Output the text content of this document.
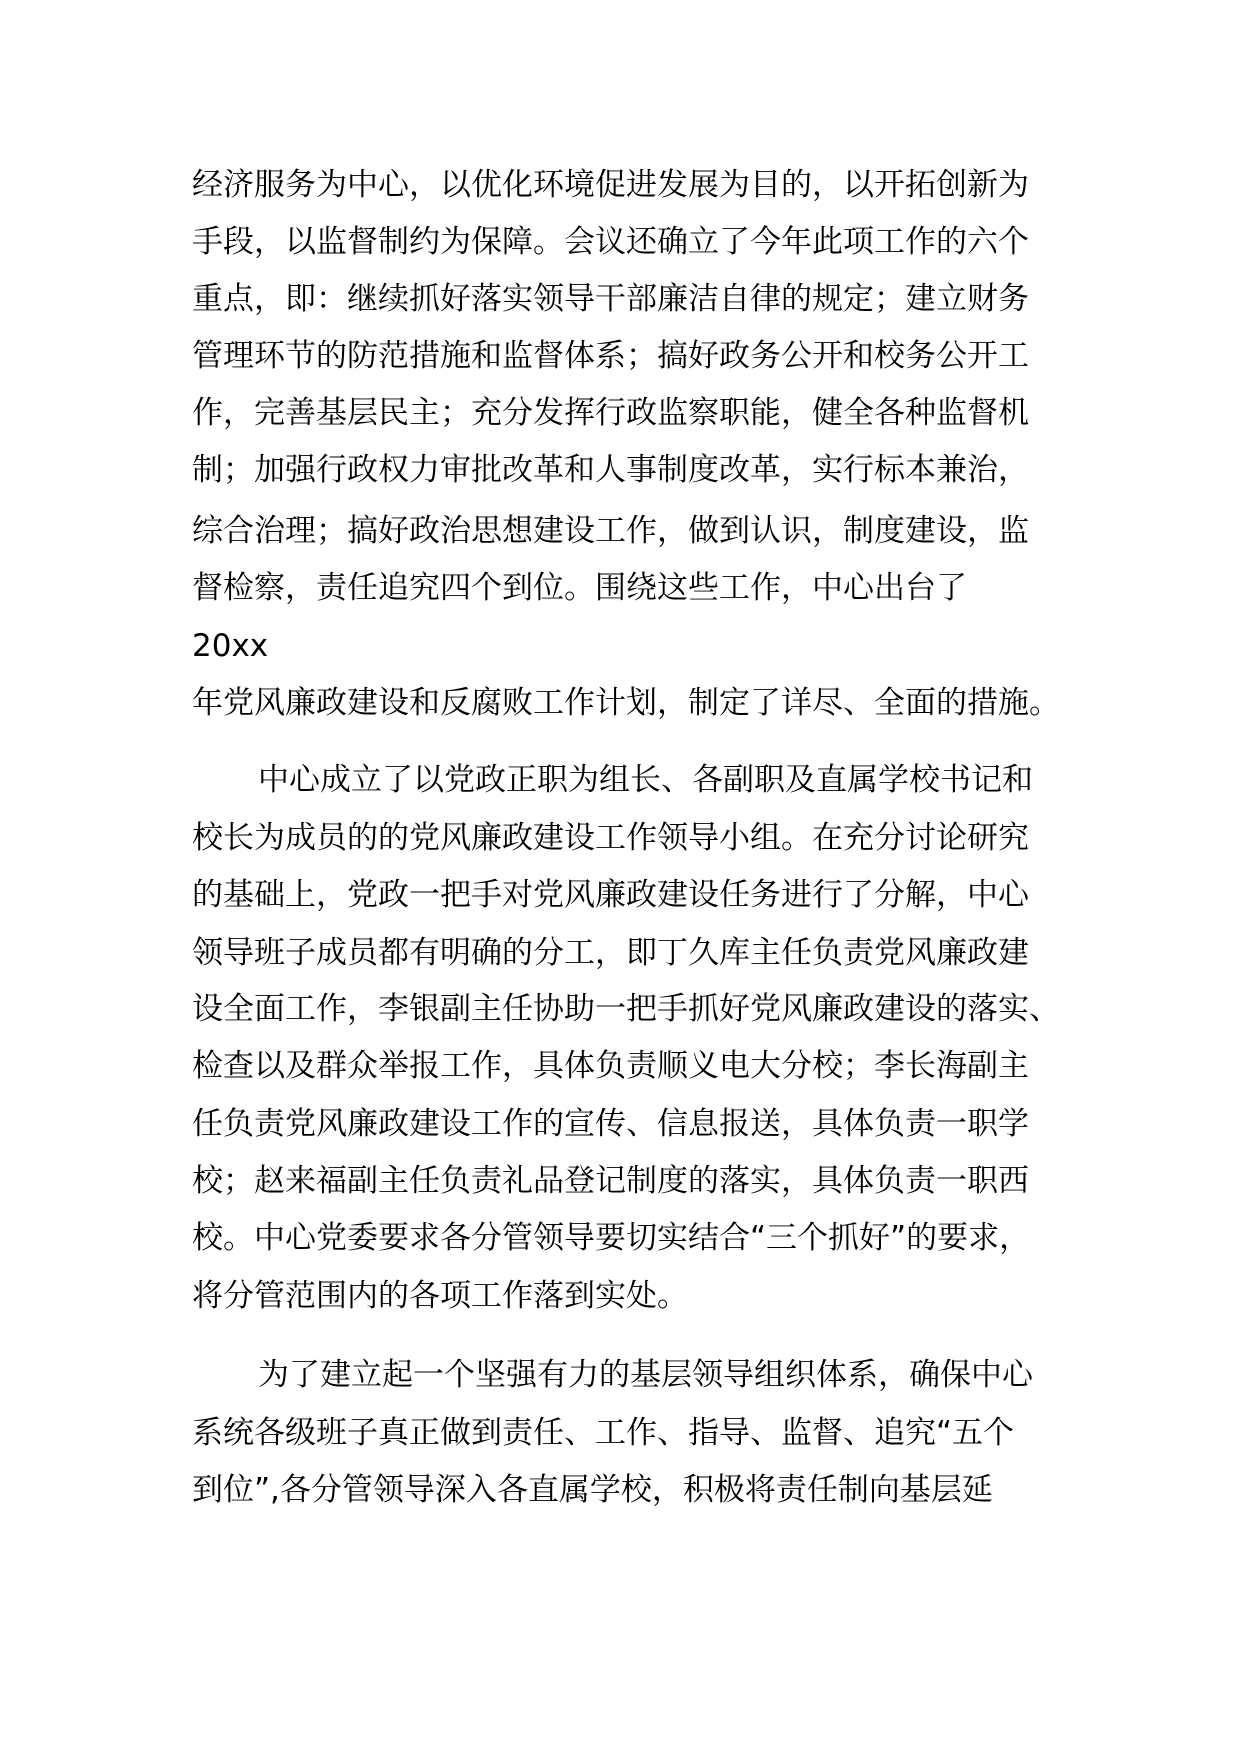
经济服务为中心，以优化环境促进发展为目的，以开拓创新为
手段，以监督制约为保障。会议还确立了今年此项工作的六个
重点，即：继续抓好落实领导干部廉洁自律的规定；建立财务
管理环节的防范措施和监督体系；搞好政务公开和校务公开工
作，完善基层民主；充分发挥行政监察职能，健全各种监督机
制；加强行政权力审批改革和人事制度改革，实行标本兼治，
综合治理；搞好政治思想建设工作，做到认识，制度建设，监
督检察，责任追究四个到位。围绕这些工作，中心出台了
20xx
年党风廉政建设和反腐败工作计划，制定了详尽、全面的措施。
中心成立了以党政正职为组长、各副职及直属学校书记和
校长为成员的的党风廉政建设工作领导小组。在充分讨论研究
的基础上，党政一把手对党风廉政建设任务进行了分解，中心
领导班子成员都有明确的分工，即丁久库主任负责党风廉政建
设全面工作，李银副主任协助一把手抓好党风廉政建设的落实、
检查以及群众举报工作，具体负责顺义电大分校；李长海副主
任负责党风廉政建设工作的宣传、信息报送，具体负责一职学
校；赵来福副主任负责礼品登记制度的落实，具体负责一职西
校。中心党委要求各分管领导要切实结合“三个抓好”的要求，
将分管范围内的各项工作落到实处。
为了建立起一个坚强有力的基层领导组织体系，确保中心
系统各级班子真正做到责任、工作、指导、监督、追究“五个
到位”,各分管领导深入各直属学校，积极将责任制向基层延
